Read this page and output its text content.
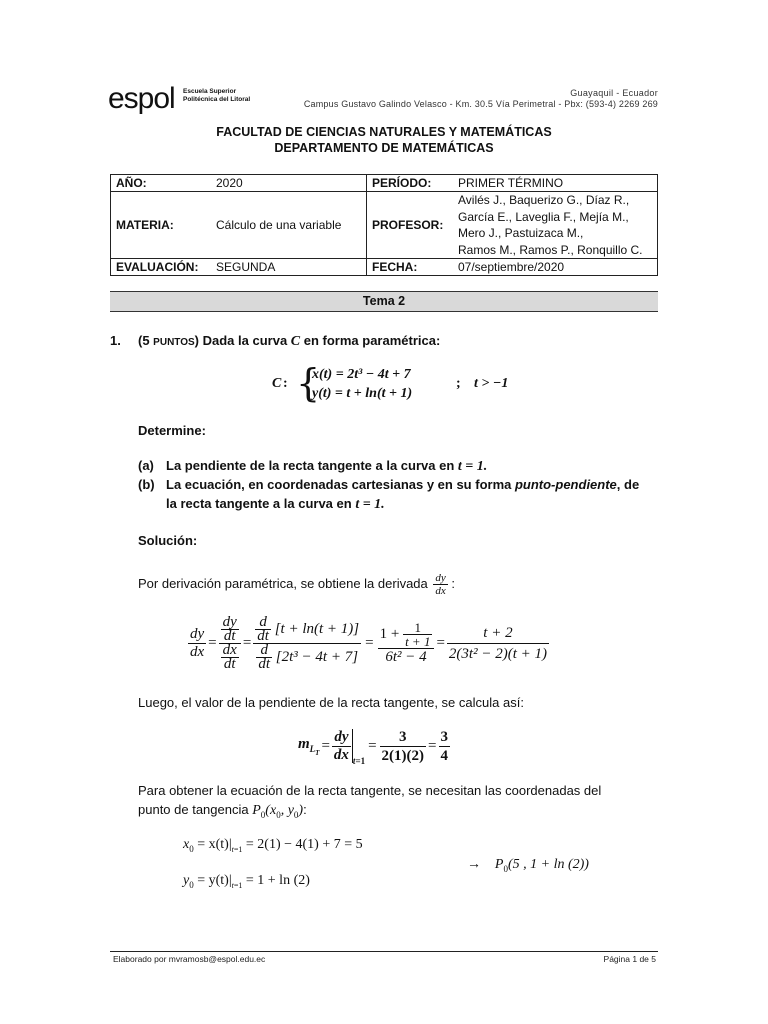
espol Escuela Superior
Politécnica del Litoral
Guayaquil - Ecuador
Campus Gustavo Galindo Velasco - Km. 30.5 Vía Perimetral - Pbx: (593-4) 2269 269
FACULTAD DE CIENCIAS NATURALES Y MATEMÁTICAS
DEPARTAMENTO DE MATEMÁTICAS
AÑO:	2020	PERÍODO:	PRIMER TÉRMINO
MATERIA:	Cálculo de una variable	PROFESOR:	Avilés J., Baquerizo G., Díaz R.,
García E., Laveglia F., Mejía M.,
Mero J., Pastuizaca M.,
Ramos M., Ramos P., Ronquillo C.

EVALUACIÓN:	SEGUNDA	FECHA:	07/septiembre/2020
Tema 2
1. (5 PUNTOS) Dada la curva C en forma paramétrica:
C : {
x(t) = 2t³ − 4t + 7
y(t) = t + ln(t + 1)
; t > −1
Determine:
(a) La pendiente de la recta tangente a la curva en t = 1.
(b) La ecuación, en coordenadas cartesianas y en su forma punto-pendiente, de
la recta tangente a la curva en t = 1.
Solución:
Por derivación paramétrica, se obtiene la derivada $\frac{dy}{dx}$ :
$\frac{dy}{dx} = \frac{\frac{dy}{dt}}{\frac{dx}{dt}} = \frac{\frac{d}{dt} [t + \ln(t + 1)]}{\frac{d}{dt} [2t^3 - 4t + 7]} = \frac{1 + \frac{1}{t + 1}}{\text{6t² − 4}} = \frac{t + 2}{\text{2(3t² − 2)(t + 1)}}$
Luego, el valor de la pendiente de la recta tangente, se calcula así:
$m_{L_T} = \frac{dy}{dx} t=1$
= $\frac{3}{2(1)(2)} = \frac{3}{4}$
Para obtener la ecuación de la recta tangente, se necesitan las coordenadas del
punto de tangencia $P_0(x_0$, $y_0$):
$x_0 = x(t)|_{t=1} = 2(1) - 4(1) + 7 = 5$
→ $P_0(5$ , 1 + ln (2))
$y_0 = y(t)|_{t=1} = 1 + \ln (2)$
Elaborado por mvramosb@espol.edu.ec	Página 1 de 5
